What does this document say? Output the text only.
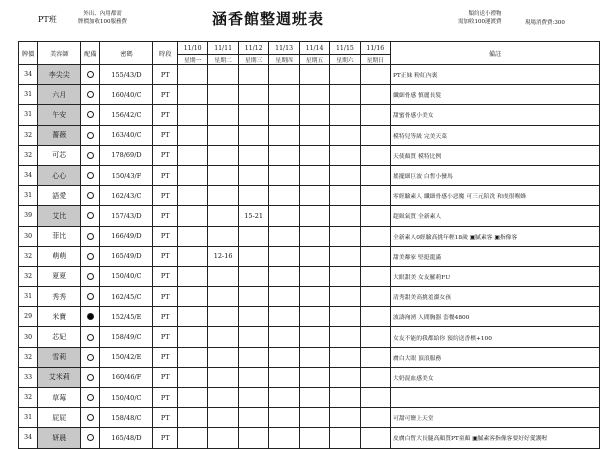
PT班
外出、內用都需
牌價加收100服務費	涵香館整週班表	類約送小禮物
需加收100運渡費	現場消費費:300
牌價	美容師	配備	密碼	時段	11/10	11/11	11/12	11/13	11/14	11/15	11/16	備註
					星期一	星期二	星期三	星期四	星期五	星期六	星期日	
34	李尖尖		155/43/D	PT								PT正妹 粉紅內裏
31	六月		160/40/C	PT								纖細骨感 慎麗長髮
31	午安		156/42/C	PT								甜蜜骨感小美女
32	薔薇		163/40/C	PT								模特兒等級 完美天菜
32	可芯		178/69/D	PT								天使顏質 模特比例
34	心心		150/43/F	PT								搖擺細巨波 白皙小蠻馬
31	語愛		162/43/C	PT								零經驗素人 纖細骨感小惡魔 可三元陪洗 和虔很喉蜂
39	艾比		157/43/D	PT			15-21					超級氣質 全新素人
30	菲比		166/49/D	PT								全新素人0經驗高挑年輕18歲 ▣膩素客 ▣指像客
32	萌萌		165/49/D	PT		12-16						甜美鄰家 堅挺龍滿
32	夏夏		150/40/C	PT								大眼甜美 女友羅莉FU
31	秀秀		162/45/C	PT								清秀甜美高挑羞澀女孩
29	米寶		152/45/E	PT								波濤洶湧 人間胸器 套餐4800
30	芯妃		158/49/C	PT								女友不能的我都給你 預約送香檳+100
32	雪莉		150/42/E	PT								膚白大眼 頂浪服務
33	艾米莉		160/46/F	PT								大奶混血感美女
32	草莓		150/40/C	PT								
31	屁屁		158/48/C	PT								可甜可鹽上天堂
34	妍晨		165/48/D	PT								皮膚白皙大長腿高顏質PT童顏 ▣膩素客指像客要好好愛護喔
